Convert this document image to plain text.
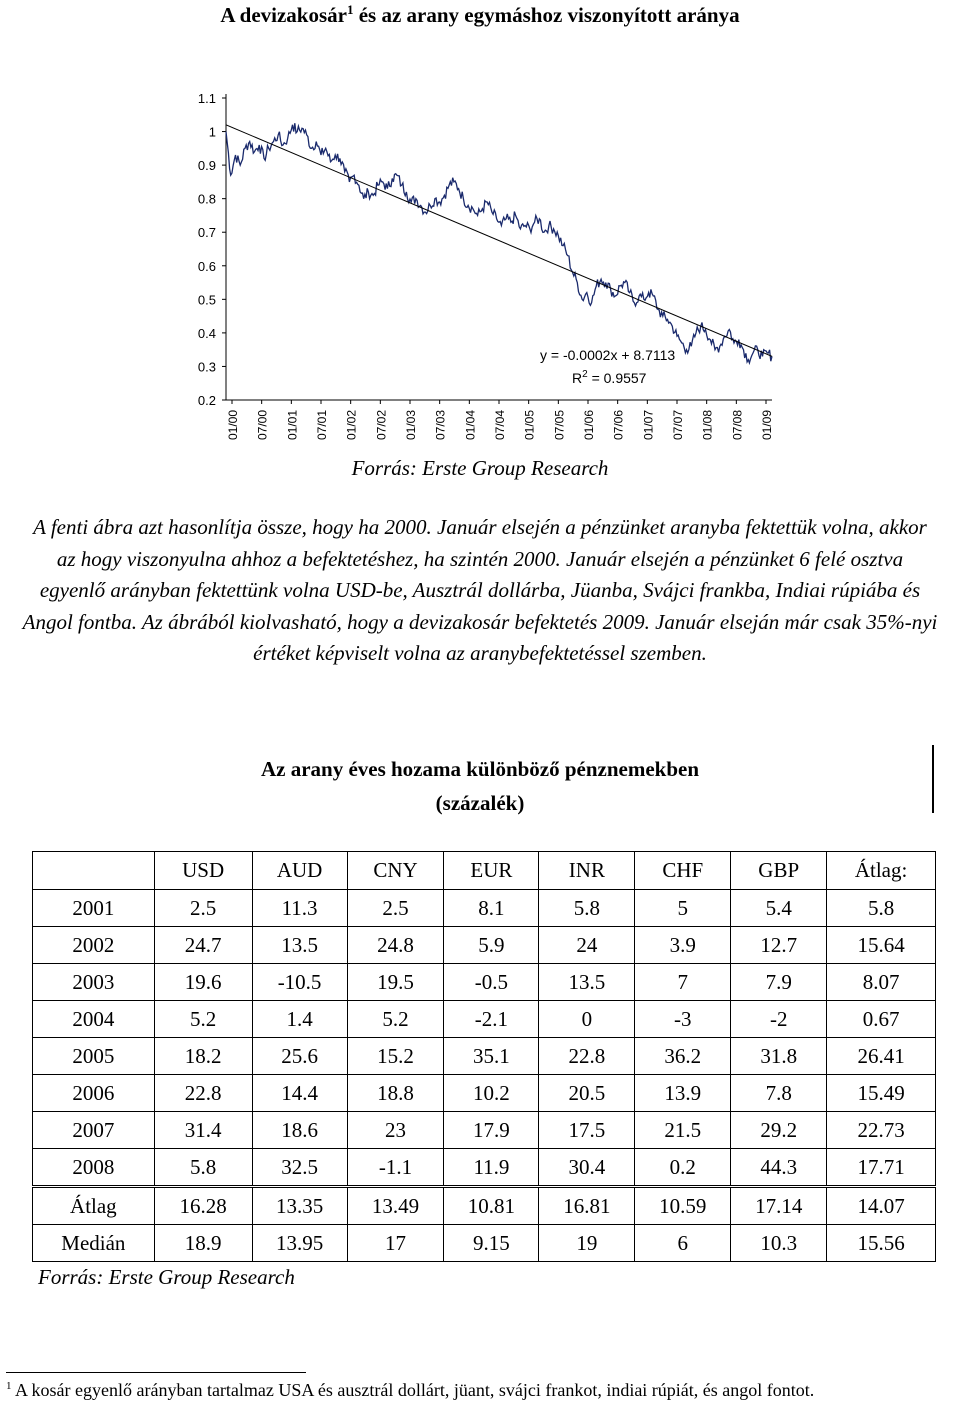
A devizakosár$^1$ és az arany egymáshoz viszonyított aránya
0.2
0.3
0.4
0.5
0.6
0.7
0.8
0.9
1
1.1
01/00 07/00 01/01 07/01 01/02 07/02 01/03 07/03 01/04 07/04 01/05 07/05 01/06 07/06 01/07 07/07 01/08 07/08 01/09
y = -0.0002x + 8.7113
$R^2 = 0.9557$
Forrás: Erste Group Research
A fenti ábra azt hasonlítja össze, hogy ha 2000. Január elsején a pénzünket aranyba fektettük volna, akkor az hogy viszonyulna ahhoz a befektetéshez, ha szintén 2000. Január elsején a pénzünket 6 felé osztva egyenlő arányban fektettünk volna USD-be, Ausztrál dollárba, Jüanba, Svájci frankba, Indiai rúpiába és Angol fontba. Az ábrából kiolvasható, hogy a devizakosár befektetés 2009. Január elseján már csak 35%-nyi értéket képviselt volna az aranybefektetéssel szemben.
Az arany éves hozama különböző pénznemekben
(százalék)
	USD	AUD	CNY	EUR	INR	CHF	GBP	Átlag:
2001	2.5	11.3	2.5	8.1	5.8	5	5.4	5.8
2002	24.7	13.5	24.8	5.9	24	3.9	12.7	15.64
2003	19.6	-10.5	19.5	-0.5	13.5	7	7.9	8.07
2004	5.2	1.4	5.2	-2.1	0	-3	-2	0.67
2005	18.2	25.6	15.2	35.1	22.8	36.2	31.8	26.41
2006	22.8	14.4	18.8	10.2	20.5	13.9	7.8	15.49
2007	31.4	18.6	23	17.9	17.5	21.5	29.2	22.73
2008	5.8	32.5	-1.1	11.9	30.4	0.2	44.3	17.71
Átlag	16.28	13.35	13.49	10.81	16.81	10.59	17.14	14.07
Medián	18.9	13.95	17	9.15	19	6	10.3	15.56
Forrás: Erste Group Research
$^1$ A kosár egyenlő arányban tartalmaz USA és ausztrál dollárt, jüant, svájci frankot, indiai rúpiát, és angol fontot.
